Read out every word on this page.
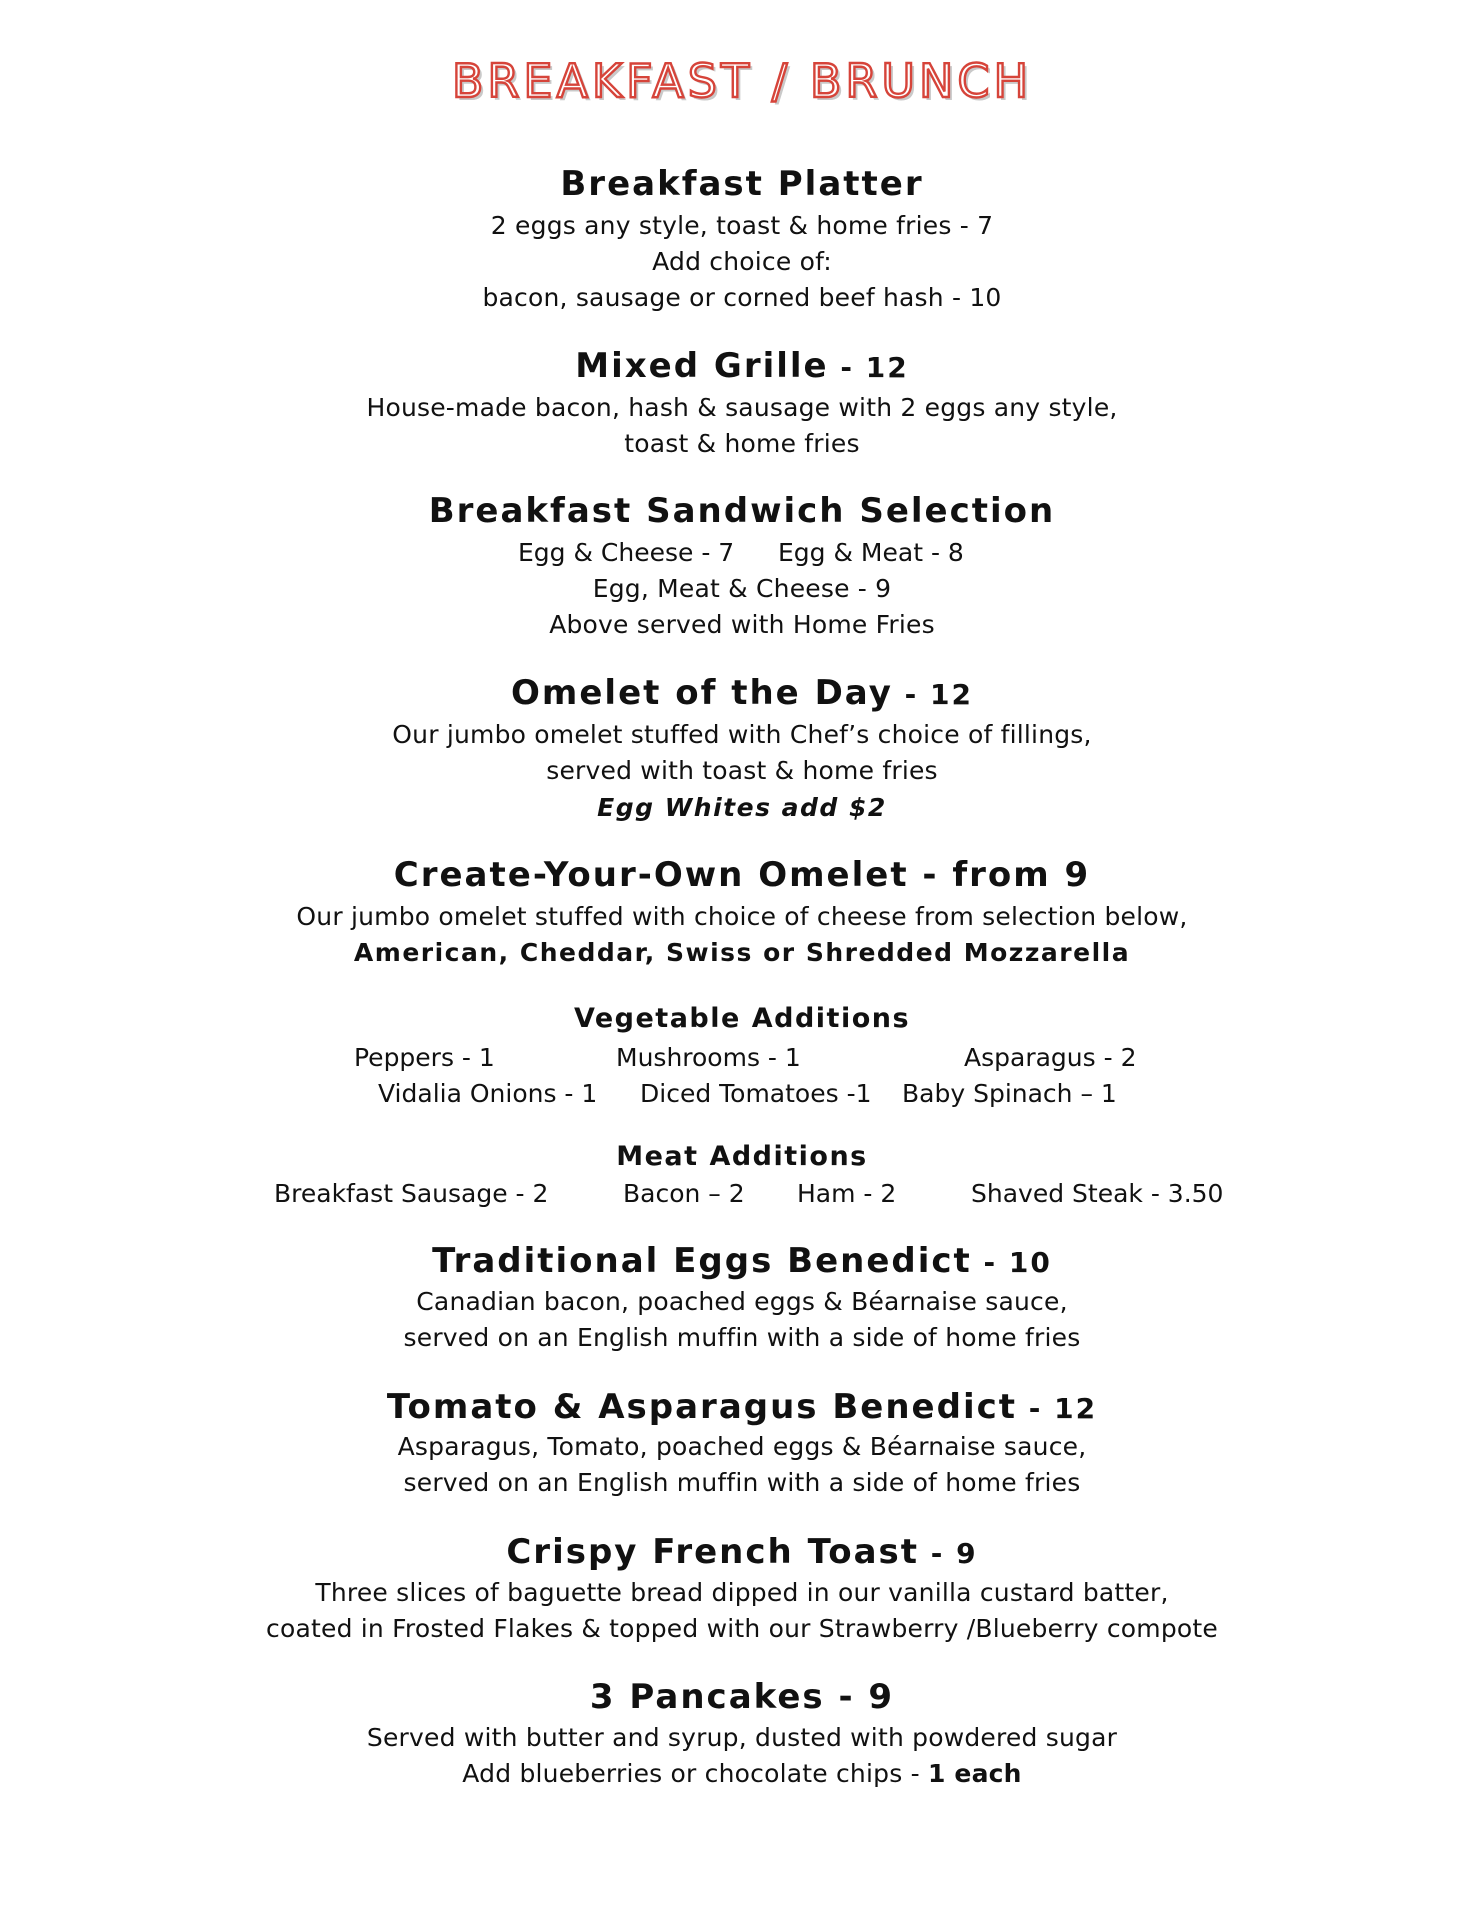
BREAKFAST / BRUNCH
Breakfast Platter
2 eggs any style, toast & home fries - 7
Add choice of:
bacon, sausage or corned beef hash - 10
Mixed Grille - 12
House-made bacon, hash & sausage with 2 eggs any style,
toast & home fries
Breakfast Sandwich Selection
Egg & Cheese - 7 Egg & Meat - 8
Egg, Meat & Cheese - 9
Above served with Home Fries
Omelet of the Day - 12
Our jumbo omelet stuffed with Chef’s choice of fillings,
served with toast & home fries
Egg Whites add $2
Create-Your-Own Omelet - from 9
Our jumbo omelet stuffed with choice of cheese from selection below,
American, Cheddar, Swiss or Shredded Mozzarella
Vegetable Additions
Peppers - 1	Mushrooms - 1	Asparagus - 2
Vidalia Onions - 1 Diced Tomatoes -1 Baby Spinach – 1
Meat Additions
Breakfast Sausage - 2	Bacon – 2 Ham - 2	Shaved Steak - 3.50
Traditional Eggs Benedict - 10
Canadian bacon, poached eggs & Béarnaise sauce,
served on an English muffin with a side of home fries
Tomato & Asparagus Benedict - 12
Asparagus, Tomato, poached eggs & Béarnaise sauce,
served on an English muffin with a side of home fries
Crispy French Toast - 9
Three slices of baguette bread dipped in our vanilla custard batter,
coated in Frosted Flakes & topped with our Strawberry /Blueberry compote
3 Pancakes - 9
Served with butter and syrup, dusted with powdered sugar
Add blueberries or chocolate chips - 1 each
